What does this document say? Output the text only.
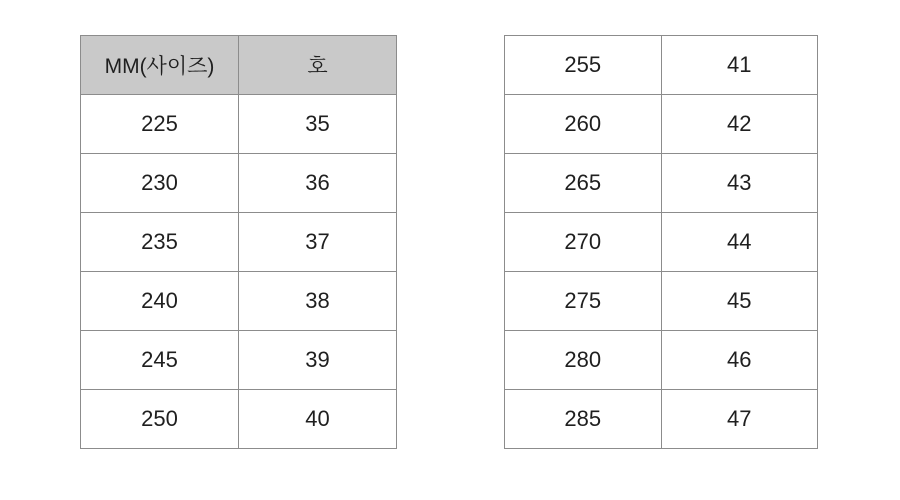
MM(사이즈)	호
225	35
230	36
235	37
240	38
245	39
250	40
255	41
260	42
265	43
270	44
275	45
280	46
285	47
